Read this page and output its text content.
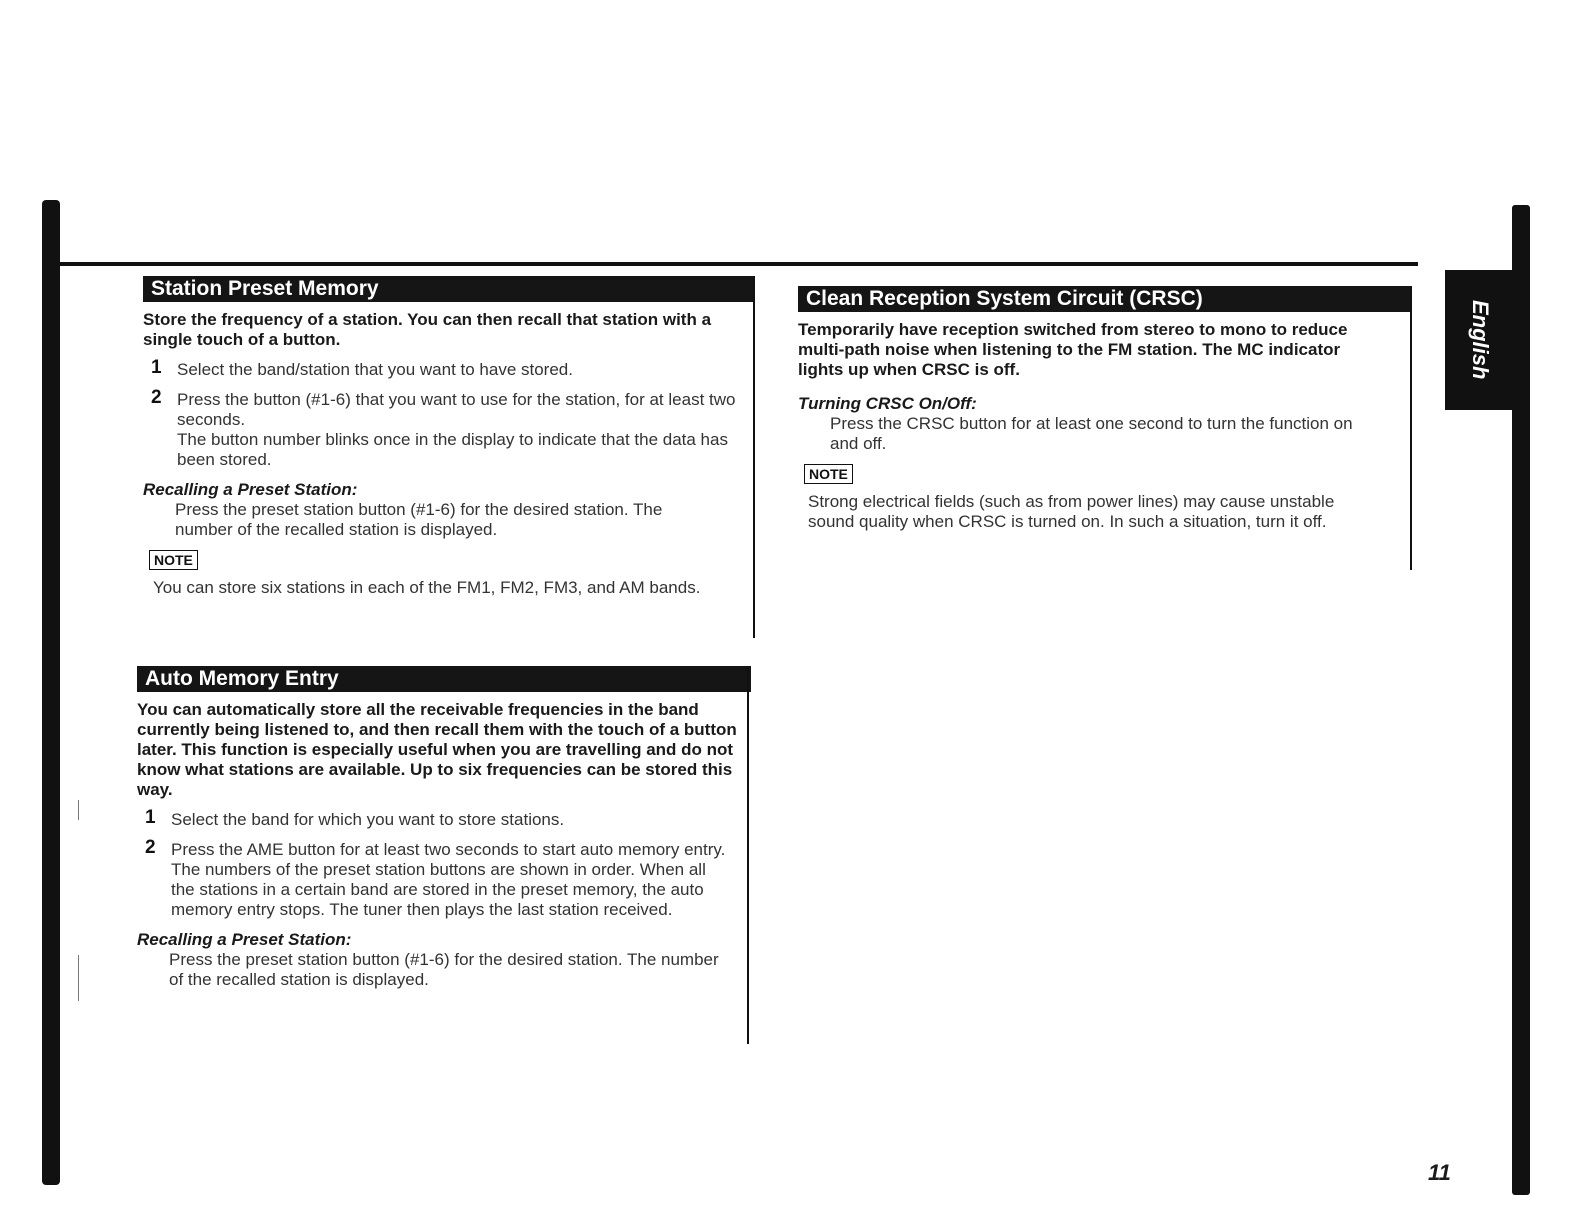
English
Station Preset Memory

Store the frequency of a station. You can then recall that station with a single touch of a button.

1 Select the band/station that you want to have stored.

2 Press the button (#1-6) that you want to use for the station, for at least two seconds.

The button number blinks once in the display to indicate that the data has been stored.

Recalling a Preset Station:
Press the preset station button (#1-6) for the desired station. The number of the recalled station is displayed.
NOTE
You can store six stations in each of the FM1, FM2, FM3, and AM bands.
Auto Memory Entry

You can automatically store all the receivable frequencies in the band currently being listened to, and then recall them with the touch of a button later. This function is especially useful when you are travelling and do not know what stations are available. Up to six frequencies can be stored this way.

1 Select the band for which you want to store stations.

2 Press the AME button for at least two seconds to start auto memory entry.

The numbers of the preset station buttons are shown in order. When all the stations in a certain band are stored in the preset memory, the auto memory entry stops. The tuner then plays the last station received.

Recalling a Preset Station:
Press the preset station button (#1-6) for the desired station. The number of the recalled station is displayed.
Clean Reception System Circuit (CRSC)

Temporarily have reception switched from stereo to mono to reduce multi-path noise when listening to the FM station. The MC indicator lights up when CRSC is off.

Turning CRSC On/Off:
Press the CRSC button for at least one second to turn the function on and off.
NOTE
Strong electrical fields (such as from power lines) may cause unstable sound quality when CRSC is turned on. In such a situation, turn it off.
11
